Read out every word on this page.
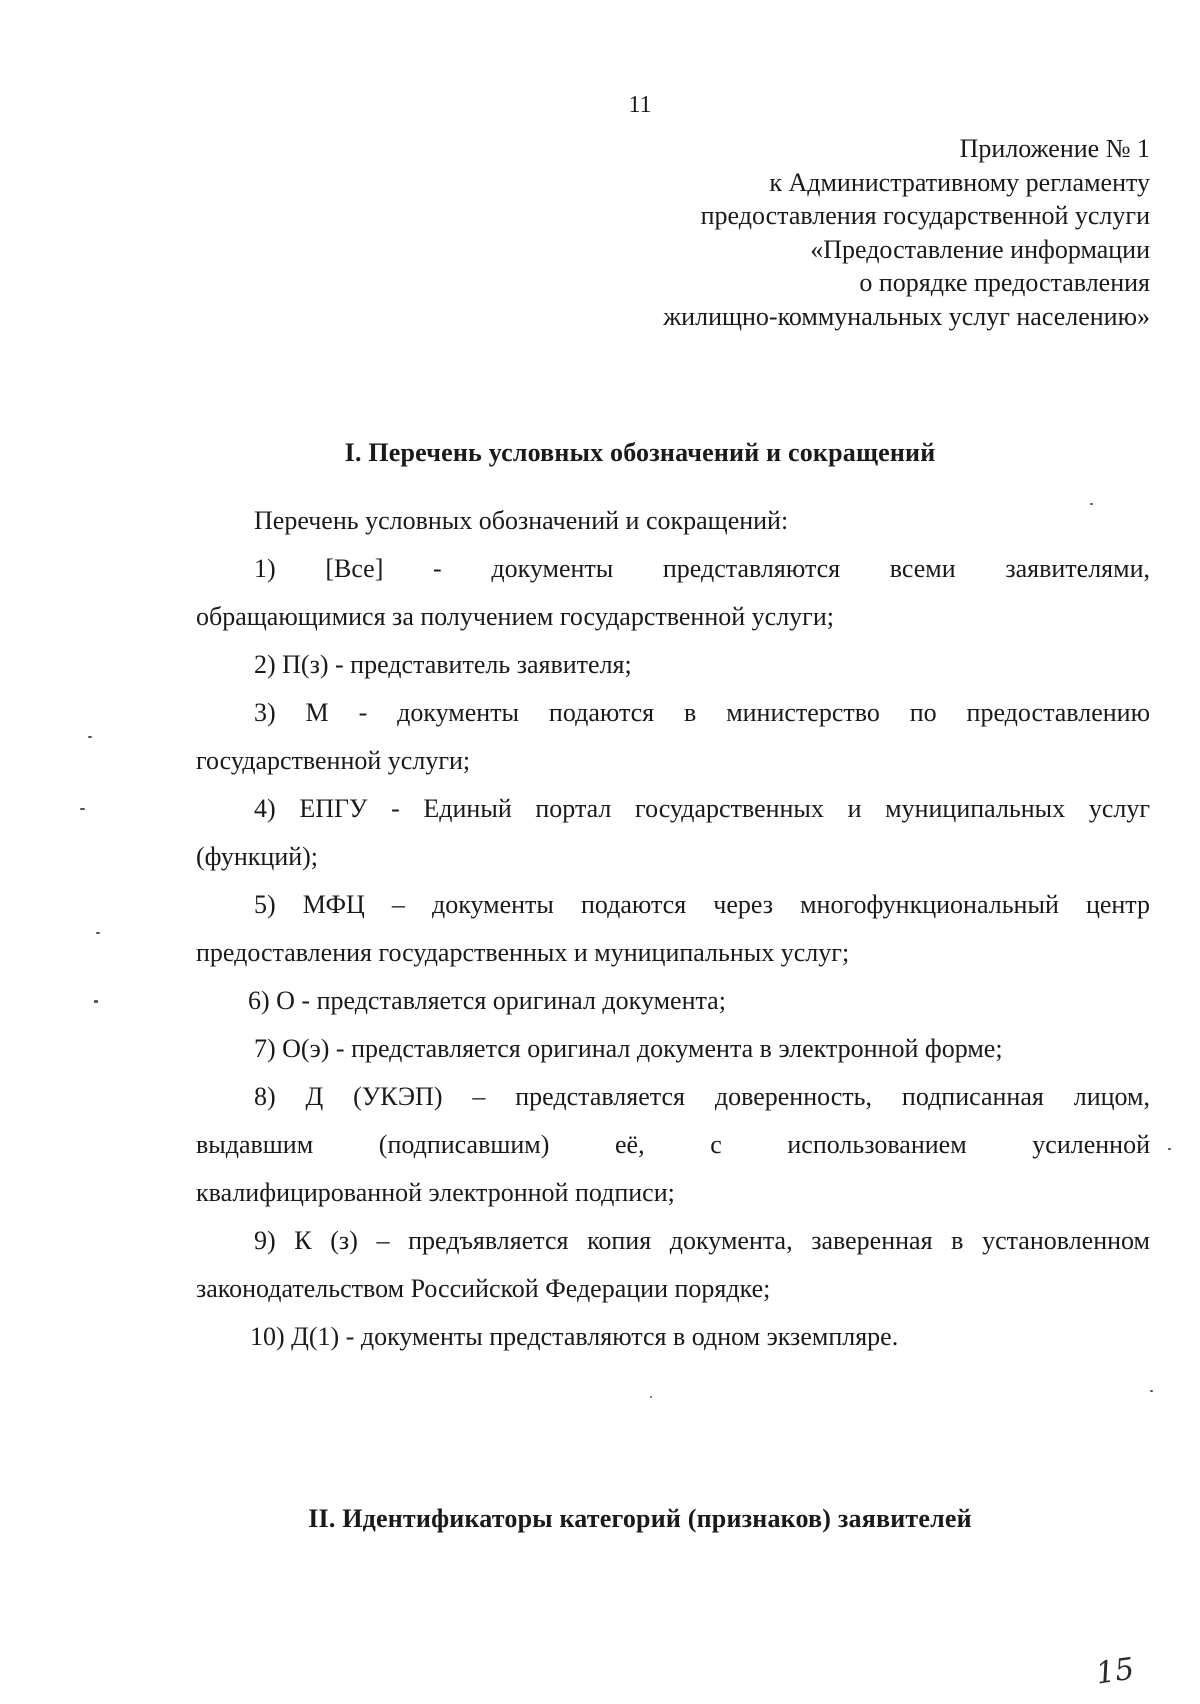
11
Приложение № 1
к Административному регламенту
предоставления государственной услуги
«Предоставление информации
о порядке предоставления
жилищно-коммунальных услуг населению»
I. Перечень условных обозначений и сокращений
Перечень условных обозначений и сокращений:
1) [Все] - документы представляются всеми заявителями,
обращающимися за получением государственной услуги;
2) П(з) - представитель заявителя;
3) М - документы подаются в министерство по предоставлению
государственной услуги;
4) ЕПГУ - Единый портал государственных и муниципальных услуг
(функций);
5) МФЦ – документы подаются через многофункциональный центр
предоставления государственных и муниципальных услуг;
6) О - представляется оригинал документа;
7) О(э) - представляется оригинал документа в электронной форме;
8) Д (УКЭП) – представляется доверенность, подписанная лицом,
выдавшим (подписавшим) её, с использованием усиленной
квалифицированной электронной подписи;
9) К (з) – предъявляется копия документа, заверенная в установленном
законодательством Российской Федерации порядке;
10) Д(1) - документы представляются в одном экземпляре.
II. Идентификаторы категорий (признаков) заявителей
15
